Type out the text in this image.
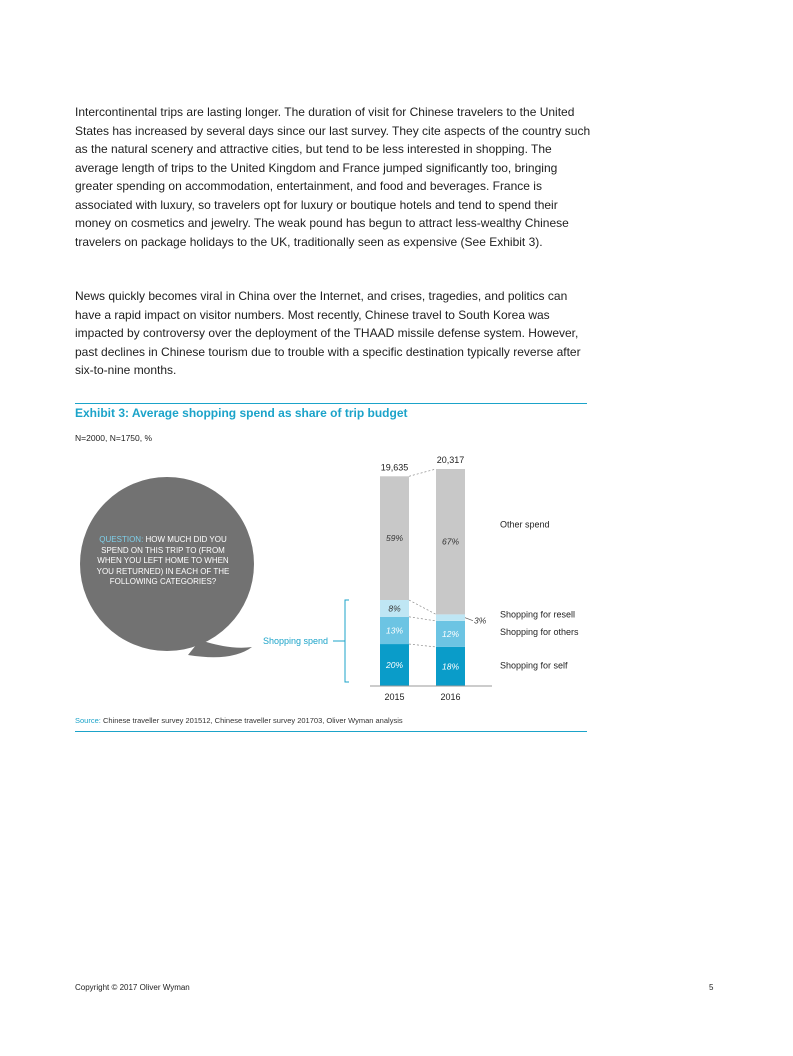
Intercontinental trips are lasting longer. The duration of visit for Chinese travelers to the United States has increased by several days since our last survey. They cite aspects of the country such as the natural scenery and attractive cities, but tend to be less interested in shopping. The average length of trips to the United Kingdom and France jumped significantly too, bringing greater spending on accommodation, entertainment, and food and beverages. France is associated with luxury, so travelers opt for luxury or boutique hotels and tend to spend their money on cosmetics and jewelry. The weak pound has begun to attract less-wealthy Chinese travelers on package holidays to the UK, traditionally seen as expensive (See Exhibit 3).

News quickly becomes viral in China over the Internet, and crises, tragedies, and politics can have a rapid impact on visitor numbers. Most recently, Chinese travel to South Korea was impacted by controversy over the deployment of the THAAD missile defense system. However, past declines in Chinese tourism due to trouble with a specific destination typically reverse after six-to-nine months.

Exhibit 3: Average shopping spend as share of trip budget
N=2000, N=1750, %
20%
13%
8%
59%
19,635
2015
18%
12%
67%
20,317
2016
3%
Shopping for self
Shopping for others
Shopping for resell
Other spend
Shopping spend
QUESTION: HOW MUCH DID YOU SPEND ON THIS TRIP TO (FROM WHEN YOU LEFT HOME TO WHEN YOU RETURNED) IN EACH OF THE FOLLOWING CATEGORIES?
Source: Chinese traveller survey 201512, Chinese traveller survey 201703, Oliver Wyman analysis
Copyright © 2017 Oliver Wyman	5
